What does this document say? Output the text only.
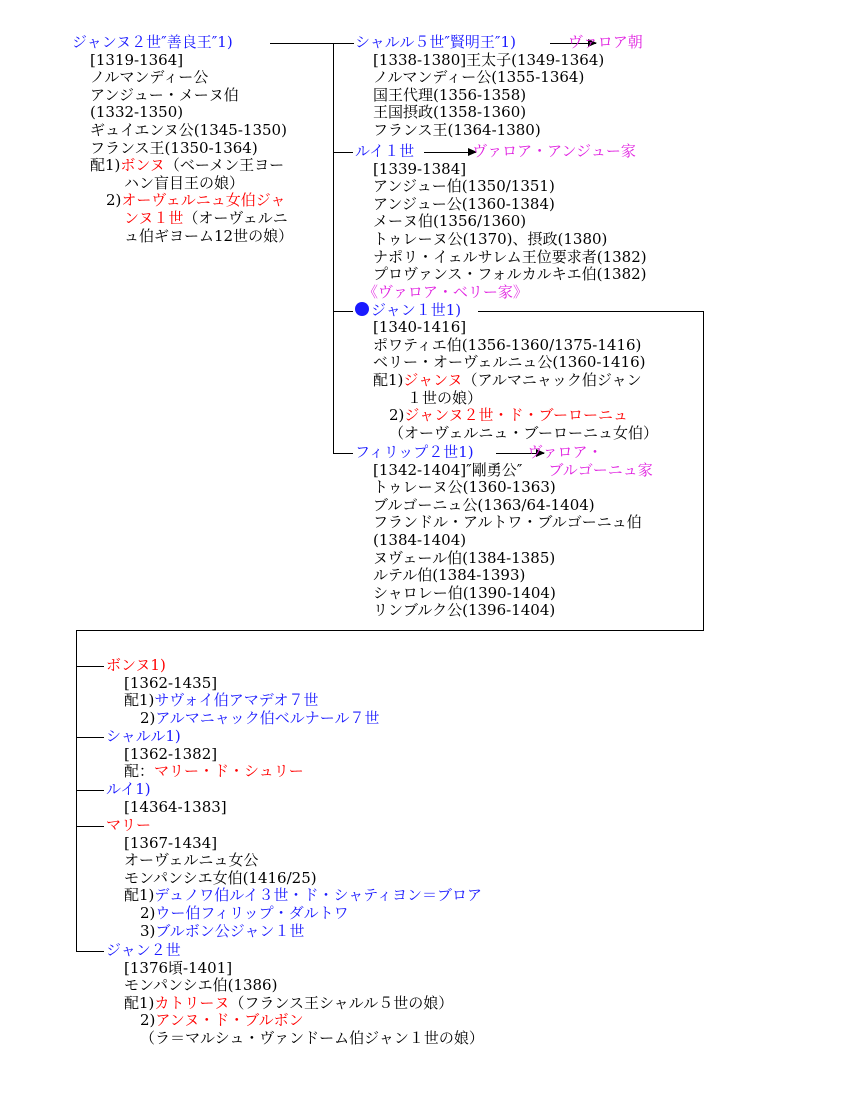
ジャンヌ２世″善良王″1)
[1319-1364]
ノルマンディー公
アンジュー・メーヌ伯
(1332-1350)
ギュイエンヌ公(1345-1350)
フランス王(1350-1364)
配1)ボンヌ（ベーメン王ヨー
ハン盲目王の娘）
2)オーヴェルニュ女伯ジャ
ンヌ１世（オーヴェルニ
ュ伯ギヨーム12世の娘）
シャルル５世″賢明王″1)	ヴァロア朝
[1338-1380]王太子(1349-1364)
ノルマンディー公(1355-1364)
国王代理(1356-1358)
王国摂政(1358-1360)
フランス王(1364-1380)
ルイ１世	ヴァロア・アンジュー家
[1339-1384]
アンジュー伯(1350/1351)
アンジュー公(1360-1384)
メーヌ伯(1356/1360)
トゥレーヌ公(1370)、摂政(1380)
ナポリ・イェルサレム王位要求者(1382)
プロヴァンス・フォルカルキエ伯(1382)
《ヴァロア・ベリー家》
ジャン１世1)
[1340-1416]
ポワティエ伯(1356-1360/1375-1416)
ベリー・オーヴェルニュ公(1360-1416)
配1)ジャンヌ（アルマニャック伯ジャン
１世の娘）
2)ジャンヌ２世・ド・ブーローニュ
（オーヴェルニュ・ブーローニュ女伯）
フィリップ２世1)	ヴァロア・
[1342-1404]″剛勇公″ ブルゴーニュ家
トゥレーヌ公(1360-1363)
ブルゴーニュ公(1363/64-1404)
フランドル・アルトワ・ブルゴーニュ伯
(1384-1404)
ヌヴェール伯(1384-1385)
ルテル伯(1384-1393)
シャロレー伯(1390-1404)
リンブルク公(1396-1404)
ボンヌ1)
[1362-1435]
配1)サヴォイ伯アマデオ７世
2)アルマニャック伯ベルナール７世
シャルル1)
[1362-1382]
配：マリー・ド・シュリー
ルイ1)
[14364-1383]
マリー
[1367-1434]
オーヴェルニュ女公
モンパンシエ女伯(1416/25)
配1)デュノワ伯ルイ３世・ド・シャティヨン＝ブロア
2)ウー伯フィリップ・ダルトワ
3)ブルボン公ジャン１世
ジャン２世
[1376頃-1401]
モンパンシエ伯(1386)
配1)カトリーヌ（フランス王シャルル５世の娘）
2)アンヌ・ド・ブルボン
（ラ＝マルシュ・ヴァンドーム伯ジャン１世の娘）
